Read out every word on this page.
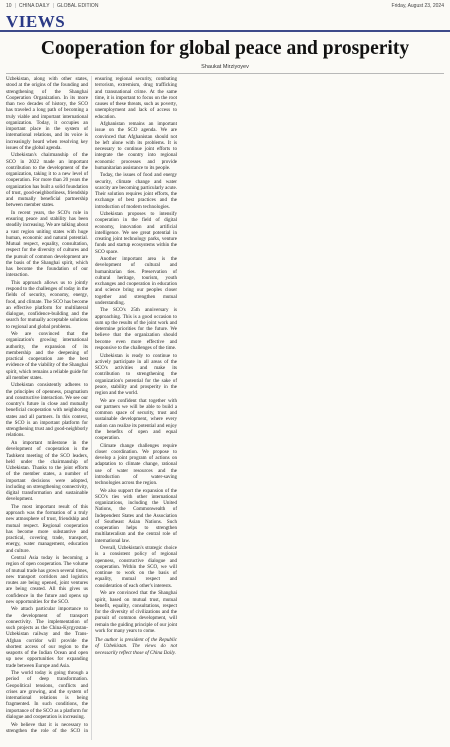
10 | CHINA DAILY | GLOBAL EDITION	Friday, August 23, 2024
VIEWS
Cooperation for global peace and prosperity
Shaukat Mirziyoyev

Uzbekistan, along with other states, stood at the origins of the founding and strengthening of the Shanghai Cooperation Organization. In its more than two decades of history, the SCO has traveled a long path of becoming a truly viable and important international organization. Today, it occupies an important place in the system of international relations, and its voice is increasingly heard when resolving key issues of the global agenda.

Uzbekistan's chairmanship of the SCO in 2022 made an important contribution to the development of the organization, taking it to a new level of cooperation. For more than 20 years the organization has built a solid foundation of trust, good-neighborliness, friendship and mutually beneficial partnership between member states.

In recent years, the SCO's role in ensuring peace and stability has been steadily increasing. We are talking about a vast region uniting states with huge human, economic and natural potential. Mutual respect, equality, consultation, respect for the diversity of cultures and the pursuit of common development are the basis of the Shanghai spirit, which has become the foundation of our interaction.

This approach allows us to jointly respond to the challenges of today in the fields of security, economy, energy, food, and climate. The SCO has become an effective platform for multilateral dialogue, confidence-building and the search for mutually acceptable solutions to regional and global problems.

We are convinced that the organization's growing international authority, the expansion of its membership and the deepening of practical cooperation are the best evidence of the viability of the Shanghai spirit, which remains a reliable guide for all member states.

Uzbekistan consistently adheres to the principles of openness, pragmatism and constructive interaction. We see our country's future in close and mutually beneficial cooperation with neighboring states and all partners. In this context, the SCO is an important platform for strengthening trust and good-neighborly relations.

An important milestone in the development of cooperation is the Tashkent meeting of the SCO leaders, held under the chairmanship of Uzbekistan. Thanks to the joint efforts of the member states, a number of important decisions were adopted, including on strengthening connectivity, digital transformation and sustainable development.

The most important result of this approach was the formation of a truly new atmosphere of trust, friendship and mutual respect. Regional cooperation has become more substantive and practical, covering trade, transport, energy, water management, education and culture.

Central Asia today is becoming a region of open cooperation. The volume of mutual trade has grown several times, new transport corridors and logistics routes are being opened, joint ventures are being created. All this gives us confidence in the future and opens up new opportunities for the SCO.

We attach particular importance to the development of transport connectivity. The implementation of such projects as the China-Kyrgyzstan-Uzbekistan railway and the Trans-Afghan corridor will provide the shortest access of our region to the seaports of the Indian Ocean and open up new opportunities for expanding trade between Europe and Asia.

The world today is going through a period of deep transformation. Geopolitical tensions, conflicts and crises are growing, and the system of international relations is being fragmented. In such conditions, the importance of the SCO as a platform for dialogue and cooperation is increasing.

We believe that it is necessary to strengthen the role of the SCO in ensuring regional security, combating terrorism, extremism, drug trafficking and transnational crime. At the same time, it is important to focus on the root causes of these threats, such as poverty, unemployment and lack of access to education.

Afghanistan remains an important issue on the SCO agenda. We are convinced that Afghanistan should not be left alone with its problems. It is necessary to continue joint efforts to integrate the country into regional economic processes and provide humanitarian assistance to its people.

Today, the issues of food and energy security, climate change and water scarcity are becoming particularly acute. Their solution requires joint efforts, the exchange of best practices and the introduction of modern technologies.

Uzbekistan proposes to intensify cooperation in the field of digital economy, innovation and artificial intelligence. We see great potential in creating joint technology parks, venture funds and startup ecosystems within the SCO space.

Another important area is the development of cultural and humanitarian ties. Preservation of cultural heritage, tourism, youth exchanges and cooperation in education and science bring our peoples closer together and strengthen mutual understanding.

The SCO's 25th anniversary is approaching. This is a good occasion to sum up the results of the joint work and determine priorities for the future. We believe that the organization should become even more effective and responsive to the challenges of the time.

Uzbekistan is ready to continue to actively participate in all areas of the SCO's activities and make its contribution to strengthening the organization's potential for the sake of peace, stability and prosperity in the region and the world.

We are confident that together with our partners we will be able to build a common space of security, trust and sustainable development, where every nation can realize its potential and enjoy the benefits of open and equal cooperation.

Climate change challenges require closer coordination. We propose to develop a joint program of actions on adaptation to climate change, rational use of water resources and the introduction of water-saving technologies across the region.

We also support the expansion of the SCO's ties with other international organizations, including the United Nations, the Commonwealth of Independent States and the Association of Southeast Asian Nations. Such cooperation helps to strengthen multilateralism and the central role of international law.

Overall, Uzbekistan's strategic choice is a consistent policy of regional openness, constructive dialogue and cooperation. Within the SCO, we will continue to work on the basis of equality, mutual respect and consideration of each other's interests.

We are convinced that the Shanghai spirit, based on mutual trust, mutual benefit, equality, consultations, respect for the diversity of civilizations and the pursuit of common development, will remain the guiding principle of our joint work for many years to come.

The author is president of the Republic of Uzbekistan. The views do not necessarily reflect those of China Daily.
